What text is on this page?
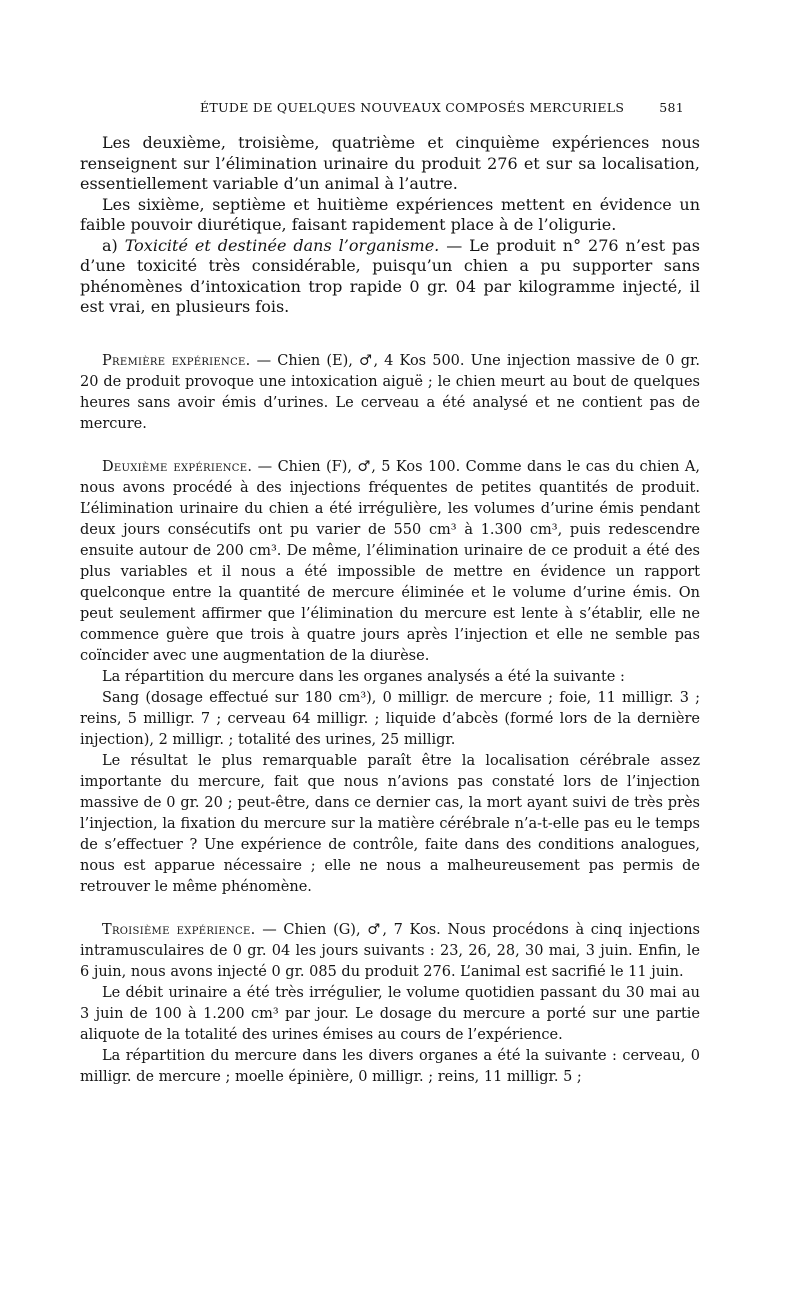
ÉTUDE DE QUELQUES NOUVEAUX COMPOSÉS MERCURIELS	581

Les deuxième, troisième, quatrième et cinquième expériences nous renseignent sur l’élimination urinaire du produit 276 et sur sa localisation, essentiellement variable d’un animal à l’autre.

Les sixième, septième et huitième expériences mettent en évidence un faible pouvoir diurétique, faisant rapidement place à de l’oligurie.

a) Toxicité et destinée dans l’organisme. — Le produit n° 276 n’est pas d’une toxicité très considérable, puisqu’un chien a pu supporter sans phénomènes d’intoxication trop rapide 0 gr. 04 par kilogramme injecté, il est vrai, en plusieurs fois.

Première expérience. — Chien (E), ♂, 4 Kos 500. Une injection massive de 0 gr. 20 de produit provoque une intoxication aiguë ; le chien meurt au bout de quelques heures sans avoir émis d’urines. Le cerveau a été analysé et ne contient pas de mercure.

Deuxième expérience. — Chien (F), ♂, 5 Kos 100. Comme dans le cas du chien A, nous avons procédé à des injections fréquentes de petites quantités de produit. L’élimination urinaire du chien a été irrégulière, les volumes d’urine émis pendant deux jours consécutifs ont pu varier de 550 cm³ à 1.300 cm³, puis redescendre ensuite autour de 200 cm³. De même, l’élimination urinaire de ce produit a été des plus variables et il nous a été impossible de mettre en évidence un rapport quelconque entre la quantité de mercure éliminée et le volume d’urine émis. On peut seulement affirmer que l’élimination du mercure est lente à s’établir, elle ne commence guère que trois à quatre jours après l’injection et elle ne semble pas coïncider avec une augmentation de la diurèse.

La répartition du mercure dans les organes analysés a été la suivante :

Sang (dosage effectué sur 180 cm³), 0 milligr. de mercure ; foie, 11 milligr. 3 ; reins, 5 milligr. 7 ; cerveau 64 milligr. ; liquide d’abcès (formé lors de la dernière injection), 2 milligr. ; totalité des urines, 25 milligr.

Le résultat le plus remarquable paraît être la localisation cérébrale assez importante du mercure, fait que nous n’avions pas constaté lors de l’injection massive de 0 gr. 20 ; peut-être, dans ce dernier cas, la mort ayant suivi de très près l’injection, la fixation du mercure sur la matière cérébrale n’a-t-elle pas eu le temps de s’effectuer ? Une expérience de contrôle, faite dans des conditions analogues, nous est apparue nécessaire ; elle ne nous a malheureusement pas permis de retrouver le même phénomène.

Troisième expérience. — Chien (G), ♂, 7 Kos. Nous procédons à cinq injections intramusculaires de 0 gr. 04 les jours suivants : 23, 26, 28, 30 mai, 3 juin. Enfin, le 6 juin, nous avons injecté 0 gr. 085 du produit 276. L’animal est sacrifié le 11 juin.

Le débit urinaire a été très irrégulier, le volume quotidien passant du 30 mai au 3 juin de 100 à 1.200 cm³ par jour. Le dosage du mercure a porté sur une partie aliquote de la totalité des urines émises au cours de l’expérience.

La répartition du mercure dans les divers organes a été la suivante : cerveau, 0 milligr. de mercure ; moelle épinière, 0 milligr. ; reins, 11 milligr. 5 ;
